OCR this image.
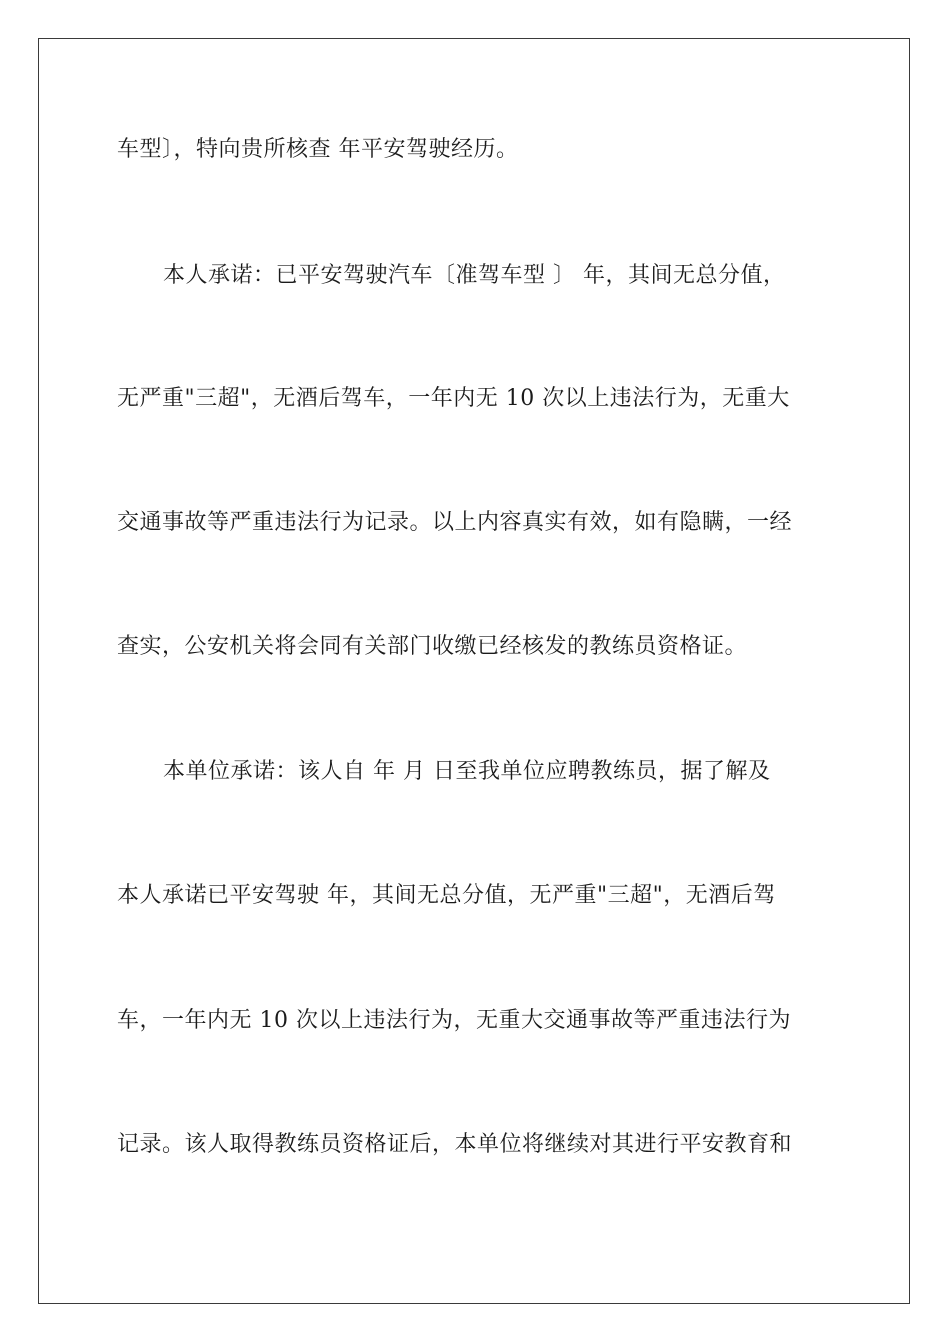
车型〕，特向贵所核查 年平安驾驶经历。
本人承诺：已平安驾驶汽车〔准驾车型 〕 年，其间无总分值，
无严重"三超"，无酒后驾车，一年内无 10 次以上违法行为，无重大
交通事故等严重违法行为记录。以上内容真实有效，如有隐瞒，一经
查实，公安机关将会同有关部门收缴已经核发的教练员资格证。
本单位承诺：该人自 年 月 日至我单位应聘教练员，据了解及
本人承诺已平安驾驶 年，其间无总分值，无严重"三超"，无酒后驾
车，一年内无 10 次以上违法行为，无重大交通事故等严重违法行为
记录。该人取得教练员资格证后，本单位将继续对其进行平安教育和
